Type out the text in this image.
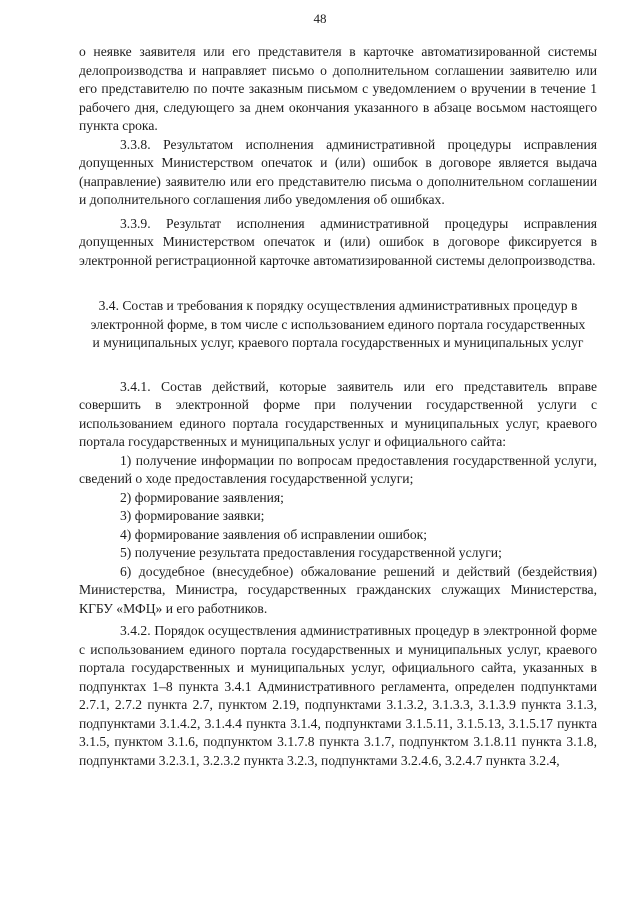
48

о неявке заявителя или его представителя в карточке автоматизированной системы делопроизводства и направляет письмо о дополнительном соглашении заявителю или его представителю по почте заказным письмом с уведомлением о вручении в течение 1 рабочего дня, следующего за днем окончания указанного в абзаце восьмом настоящего пункта срока.

3.3.8. Результатом исполнения административной процедуры исправления допущенных Министерством опечаток и (или) ошибок в договоре является выдача (направление) заявителю или его представителю письма о дополнительном соглашении и дополнительного соглашения либо уведомления об ошибках.

3.3.9. Результат исполнения административной процедуры исправления допущенных Министерством опечаток и (или) ошибок в договоре фиксируется в электронной регистрационной карточке автоматизированной системы делопроизводства.

3.4. Состав и требования к порядку осуществления административных процедур в электронной форме, в том числе с использованием единого портала государственных и муниципальных услуг, краевого портала государственных и муниципальных услуг

3.4.1. Состав действий, которые заявитель или его представитель вправе совершить в электронной форме при получении государственной услуги с использованием единого портала государственных и муниципальных услуг, краевого портала государственных и муниципальных услуг и официального сайта:

1) получение информации по вопросам предоставления государственной услуги, сведений о ходе предоставления государственной услуги;

2) формирование заявления;

3) формирование заявки;

4) формирование заявления об исправлении ошибок;

5) получение результата предоставления государственной услуги;

6) досудебное (внесудебное) обжалование решений и действий (бездействия) Министерства, Министра, государственных гражданских служащих Министерства, КГБУ «МФЦ» и его работников.

3.4.2. Порядок осуществления административных процедур в электронной форме с использованием единого портала государственных и муниципальных услуг, краевого портала государственных и муниципальных услуг, официального сайта, указанных в подпунктах 1–8 пункта 3.4.1 Административного регламента, определен подпунктами 2.7.1, 2.7.2 пункта 2.7, пунктом 2.19, подпунктами 3.1.3.2, 3.1.3.3, 3.1.3.9 пункта 3.1.3, подпунктами 3.1.4.2, 3.1.4.4 пункта 3.1.4, подпунктами 3.1.5.11, 3.1.5.13, 3.1.5.17 пункта 3.1.5, пунктом 3.1.6, подпунктом 3.1.7.8 пункта 3.1.7, подпунктом 3.1.8.11 пункта 3.1.8, подпунктами 3.2.3.1, 3.2.3.2 пункта 3.2.3, подпунктами 3.2.4.6, 3.2.4.7 пункта 3.2.4,
